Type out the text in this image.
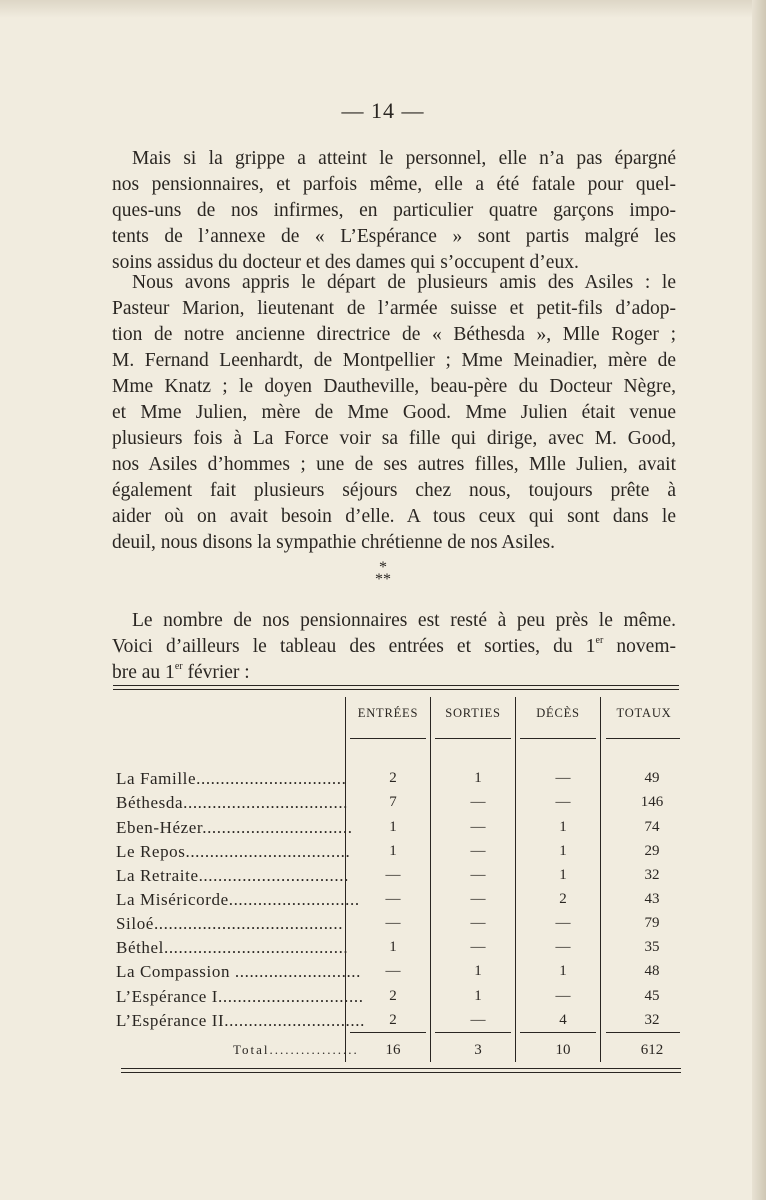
— 14 —
Mais si la grippe a atteint le personnel, elle n’a pas épargné
nos pensionnaires, et parfois même, elle a été fatale pour quel-
ques-uns de nos infirmes, en particulier quatre garçons impo-
tents de l’annexe de « L’Espérance » sont partis malgré les
soins assidus du docteur et des dames qui s’occupent d’eux.
Nous avons appris le départ de plusieurs amis des Asiles : le
Pasteur Marion, lieutenant de l’armée suisse et petit-fils d’adop-
tion de notre ancienne directrice de « Béthesda », Mlle Roger ;
M. Fernand Leenhardt, de Montpellier ; Mme Meinadier, mère de
Mme Knatz ; le doyen Dautheville, beau-père du Docteur Nègre,
et Mme Julien, mère de Mme Good. Mme Julien était venue
plusieurs fois à La Force voir sa fille qui dirige, avec M. Good,
nos Asiles d’hommes ; une de ses autres filles, Mlle Julien, avait
également fait plusieurs séjours chez nous, toujours prête à
aider où on avait besoin d’elle. A tous ceux qui sont dans le
deuil, nous disons la sympathie chrétienne de nos Asiles.
*
**
Le nombre de nos pensionnaires est resté à peu près le même.
Voici d’ailleurs le tableau des entrées et sorties, du 1er novem-
bre au 1er février :
ENTRÉES	SORTIES	DÉCÈS	TOTAUX
La Famille...............................	2	1	—	49
Béthesda..................................	7	—	—	146
Eben-Hézer...............................	1	—	1	74
Le Repos..................................	1	—	1	29
La Retraite...............................	—	—	1	32
La Miséricorde...........................	—	—	2	43
Siloé.......................................	—	—	—	79
Béthel......................................	1	—	—	35
La Compassion ..........................	—	1	1	48
L’Espérance I..............................	2	1	—	45
L’Espérance II.............................	2	—	4	32
Total.................	16	3	10	612
